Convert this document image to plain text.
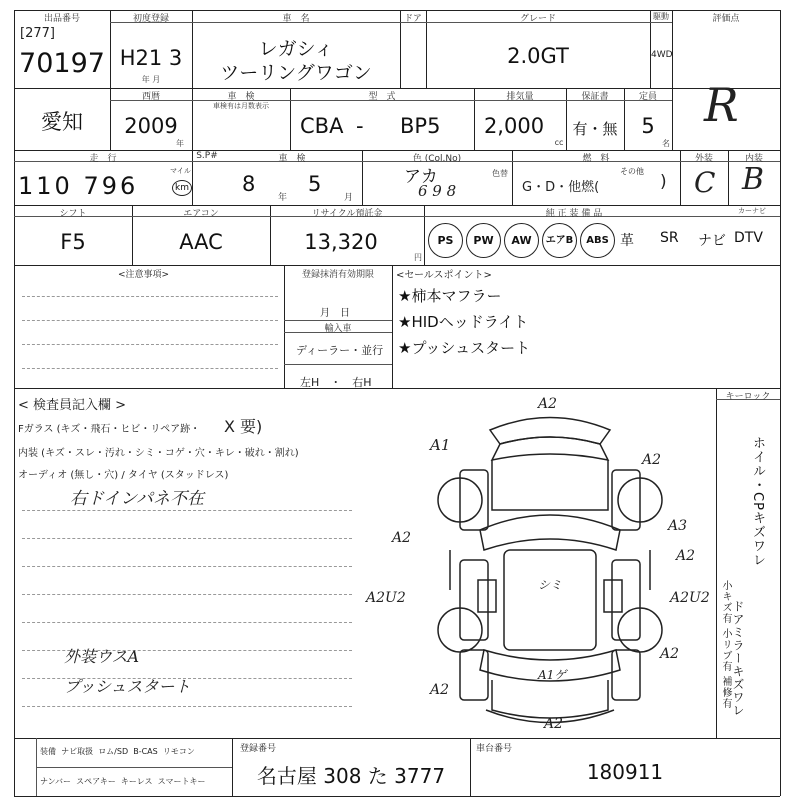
出品番号
[277]
70197
初度登録
H21 3
年 月
車　名
レガシィ
ツーリングワゴン
ドア	グレード
2.0GT
駆動
4WD
評価点
R
愛知
西暦
2009
年
車　検
車検有は月数表示
型　式
CBA - BP5
排気量
2,000
cc
保証書
有・無
定員
5
名
走　行
110 796
マイル
km
S.P#	車　検
8
年
5
月
色 (Col.No)
アカ
6 9 8
色替
燃　料
G・D・他燃(
その他
)
外装
C
内装
B
シフト
F5
エアコン
AAC
リサイクル預託金
13,320
円
純 正 装 備 品	カーナビ
PS	PW	AW	エアB	ABS 革 SR ナビ DTV
<注意事項>	登録抹消有効期限
月　日
輸入車
ディーラー・並行
左H　・　右H
<セールスポイント>
★柿本マフラー
★HIDヘッドライト
★プッシュスタート
< 検査員記入欄 >
Fガラス (キズ・飛石・ヒビ・リペア跡・ X 要)
内装 (キズ・スレ・汚れ・シミ・コゲ・穴・キレ・破れ・割れ)
オーディオ (無し・穴) / タイヤ (スタッドレス)
右ドインパネ不在
外装ウスA
プッシュスタート
A2
A1
A2
A2
A3
A2
A2U2	A2U2
A2
A2
A2
シミ
A1ゲ
キーロック
ホイル・CPキズワレ
ドアミラーキズワレ
小キズ有 小リブ有 補修有
装備 ナビ取扱 ロム/SD B-CAS リモコン
ナンバー スペアキー キーレス スマートキー
登録番号
名古屋 308 た 3777
車台番号
180911
